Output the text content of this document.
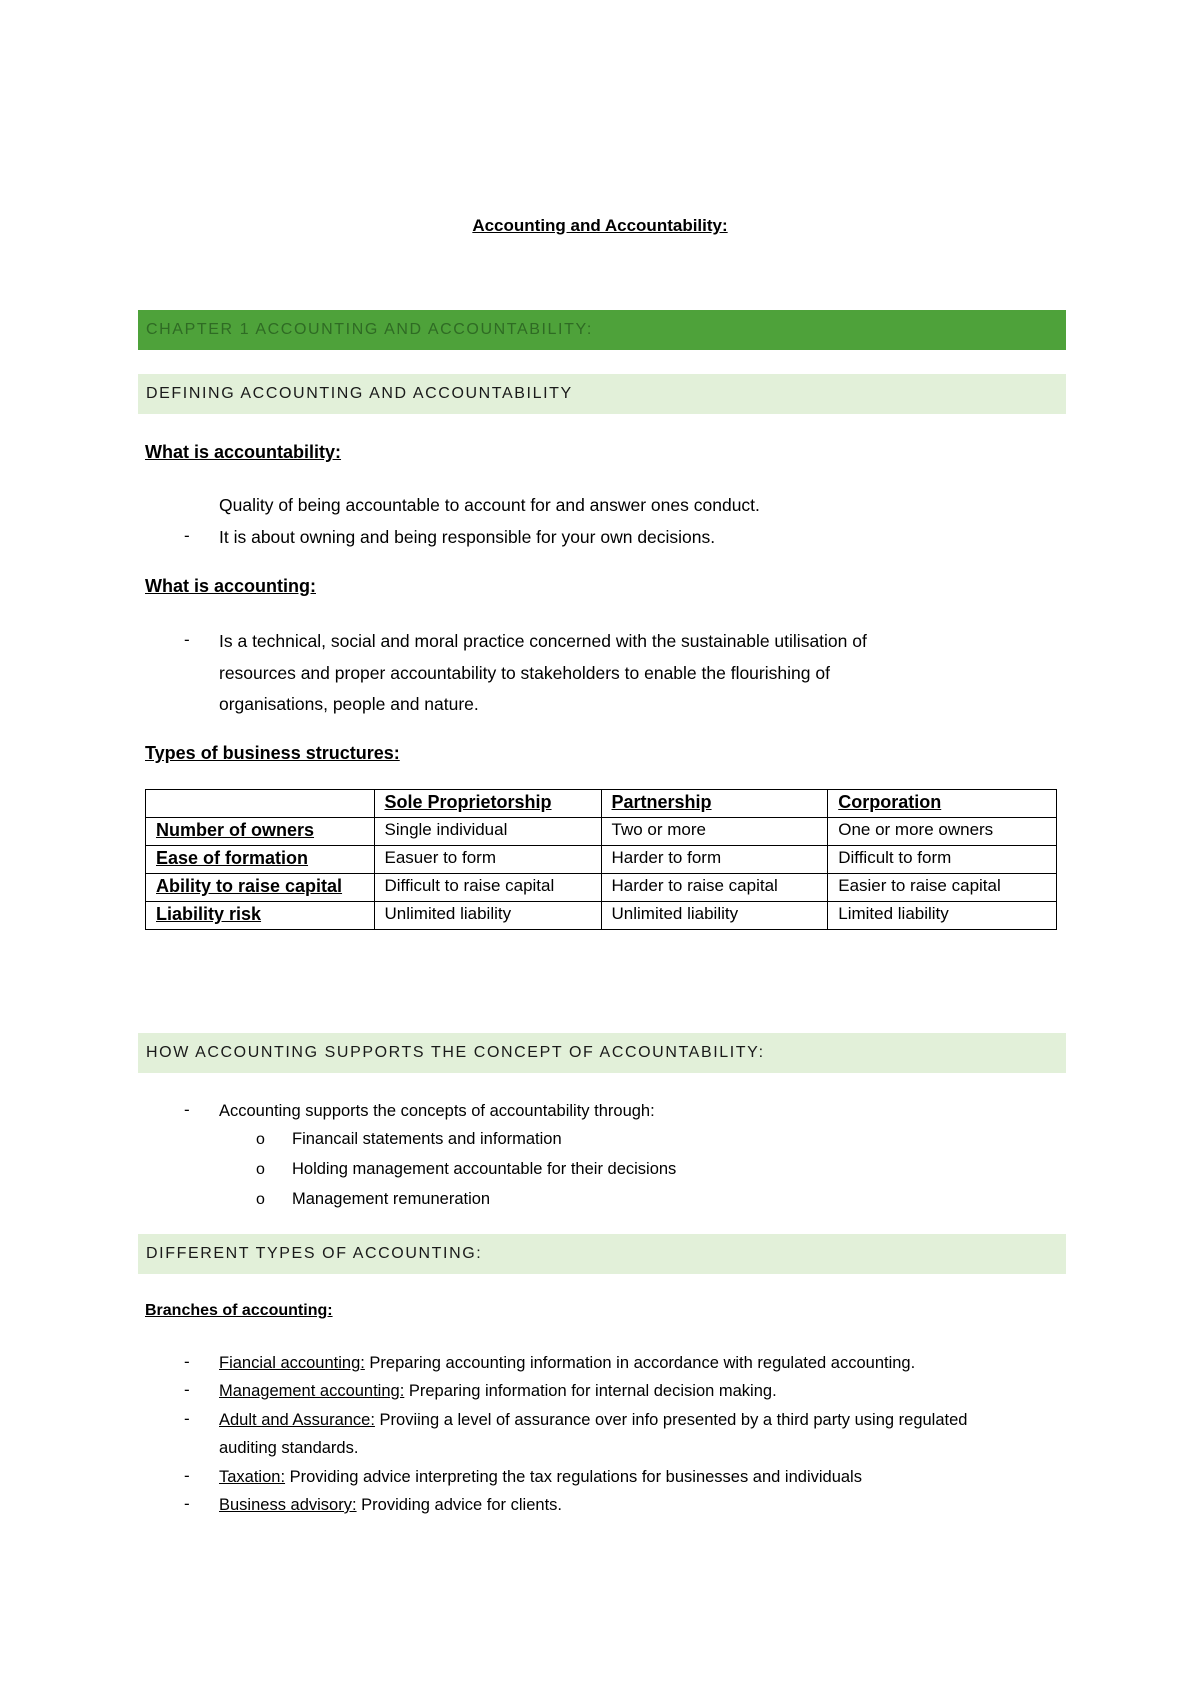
Accounting and Accountability:
CHAPTER 1 ACCOUNTING AND ACCOUNTABILITY:
DEFINING ACCOUNTING AND ACCOUNTABILITY
What is accountability:
Quality of being accountable to account for and answer ones conduct.
- It is about owning and being responsible for your own decisions.
What is accounting:
- Is a technical, social and moral practice concerned with the sustainable utilisation of
resources and proper accountability to stakeholders to enable the flourishing of
organisations, people and nature.
Types of business structures:
	Sole Proprietorship	Partnership	Corporation
Number of owners	Single individual	Two or more	One or more owners
Ease of formation	Easuer to form	Harder to form	Difficult to form
Ability to raise capital	Difficult to raise capital	Harder to raise capital	Easier to raise capital
Liability risk	Unlimited liability	Unlimited liability	Limited liability
HOW ACCOUNTING SUPPORTS THE CONCEPT OF ACCOUNTABILITY:
- Accounting supports the concepts of accountability through:
o Financail statements and information
o Holding management accountable for their decisions
o Management remuneration
DIFFERENT TYPES OF ACCOUNTING:
Branches of accounting:
- Fiancial accounting: Preparing accounting information in accordance with regulated accounting.
- Management accounting: Preparing information for internal decision making.
- Adult and Assurance: Proviing a level of assurance over info presented by a third party using regulated
auditing standards.
- Taxation: Providing advice interpreting the tax regulations for businesses and individuals
- Business advisory: Providing advice for clients.
